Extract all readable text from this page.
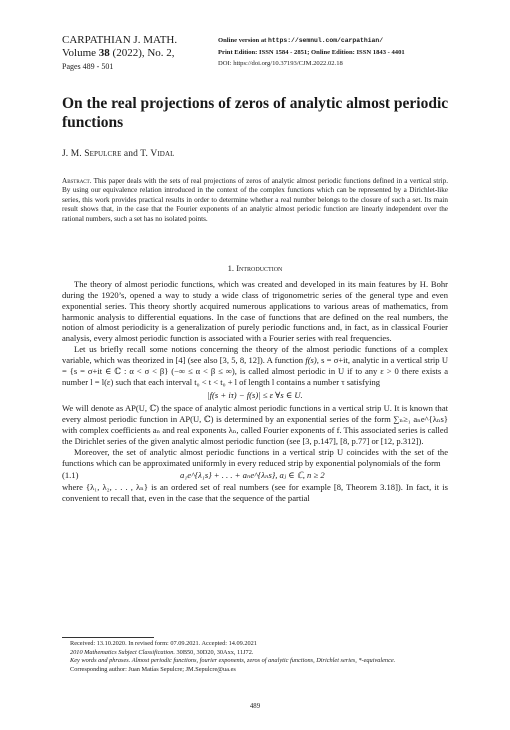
CARPATHIAN J. MATH.
Volume 38 (2022), No. 2,
Pages 489 - 501
Online version at https://semnul.com/carpathian/
Print Edition: ISSN 1584 - 2851; Online Edition: ISSN 1843 - 4401
DOI: https://doi.org/10.37193/CJM.2022.02.18
On the real projections of zeros of analytic almost periodic functions
J. M. Sepulcre and T. Vidal
Abstract. This paper deals with the sets of real projections of zeros of analytic almost periodic functions defined in a vertical strip. By using our equivalence relation introduced in the context of the complex functions which can be represented by a Dirichlet-like series, this work provides practical results in order to determine whether a real number belongs to the closure of such a set. Its main result shows that, in the case that the Fourier exponents of an analytic almost periodic function are linearly independent over the rational numbers, such a set has no isolated points.
1. Introduction

The theory of almost periodic functions, which was created and developed in its main features by H. Bohr during the 1920’s, opened a way to study a wide class of trigonometric series of the general type and even exponential series. This theory shortly acquired numerous applications to various areas of mathematics, from harmonic analysis to differential equations. In the case of functions that are defined on the real numbers, the notion of almost periodicity is a generalization of purely periodic functions and, in fact, as in classical Fourier analysis, every almost periodic function is associated with a Fourier series with real frequencies.

Let us briefly recall some notions concerning the theory of the almost periodic functions of a complex variable, which was theorized in [4] (see also [3, 5, 8, 12]). A function f(s), s = σ+it, analytic in a vertical strip U = {s = σ+it ∈ ℂ : α < σ < β} (−∞ ≤ α < β ≤ ∞), is called almost periodic in U if to any ε > 0 there exists a number l = l(ε) such that each interval t₀ < t < t₀ + l of length l contains a number τ satisfying

|f(s + iτ) − f(s)| ≤ ε ∀s ∈ U.

We will denote as AP(U, ℂ) the space of analytic almost periodic functions in a vertical strip U. It is known that every almost periodic function in AP(U, ℂ) is determined by an exponential series of the form ∑ₙ≥₁ aₙe^{λₙs} with complex coefficients aₙ and real exponents λₙ, called Fourier exponents of f. This associated series is called the Dirichlet series of the given analytic almost periodic function (see [3, p.147], [8, p.77] or [12, p.312]).

Moreover, the set of analytic almost periodic functions in a vertical strip U coincides with the set of the functions which can be approximated uniformly in every reduced strip by exponential polynomials of the form

(1.1)	a₁e^{λ₁s} + . . . + aₙe^{λₙs}, aⱼ ∈ ℂ, n ≥ 2

where {λ₁, λ₂, . . . , λₙ} is an ordered set of real numbers (see for example [8, Theorem 3.18]). In fact, it is convenient to recall that, even in the case that the sequence of the partial

Received: 13.10.2020. In revised form: 07.09.2021. Accepted: 14.09.2021
2010 Mathematics Subject Classification. 30B50, 30D20, 30Axx, 11J72.
Key words and phrases. Almost periodic functions, fourier exponents, zeros of analytic functions, Dirichlet series, *-equivalence.
Corresponding author: Juan Matías Sepulcre; JM.Sepulcre@ua.es
489
